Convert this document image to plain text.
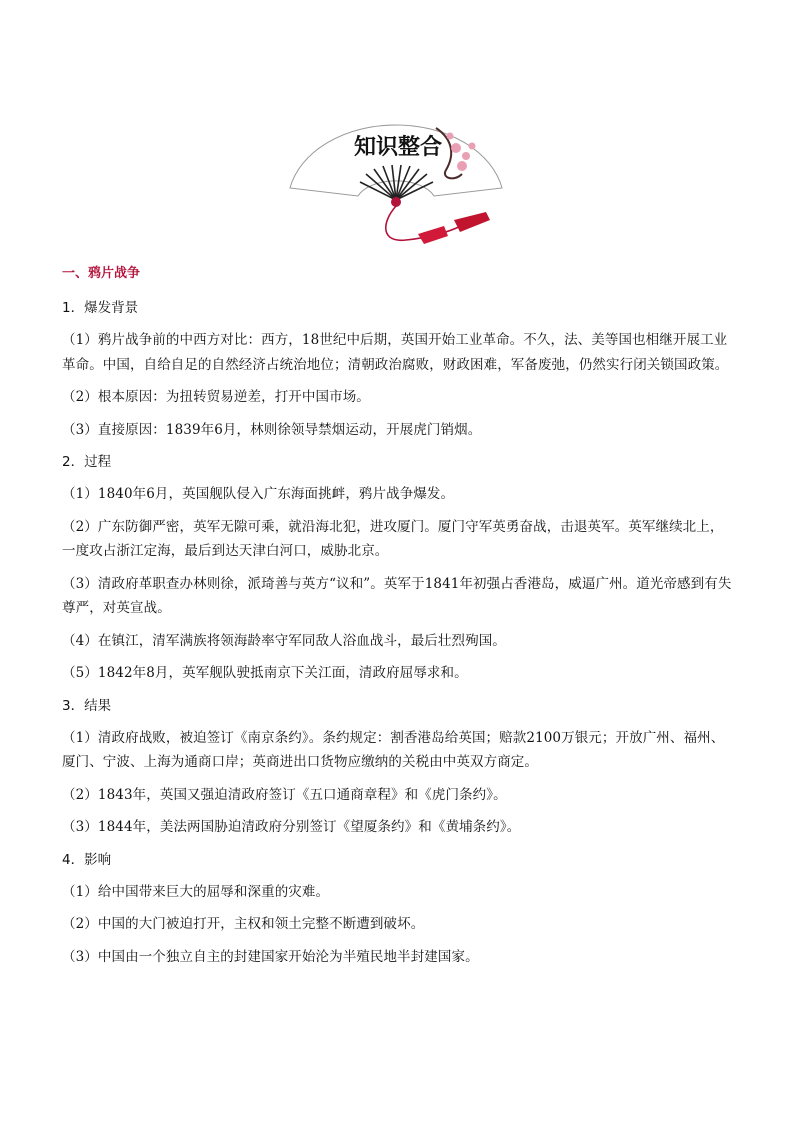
知识整合
一、鸦片战争
1．爆发背景
（1）鸦片战争前的中西方对比：西方，18世纪中后期，英国开始工业革命。不久，法、美等国也相继开展工业革命。中国，自给自足的自然经济占统治地位；清朝政治腐败，财政困难，军备废弛，仍然实行闭关锁国政策。
（2）根本原因：为扭转贸易逆差，打开中国市场。
（3）直接原因：1839年6月，林则徐领导禁烟运动，开展虎门销烟。
2．过程
（1）1840年6月，英国舰队侵入广东海面挑衅，鸦片战争爆发。
（2）广东防御严密，英军无隙可乘，就沿海北犯，进攻厦门。厦门守军英勇奋战，击退英军。英军继续北上，一度攻占浙江定海，最后到达天津白河口，威胁北京。
（3）清政府革职查办林则徐，派琦善与英方“议和”。英军于1841年初强占香港岛，威逼广州。道光帝感到有失尊严，对英宣战。
（4）在镇江，清军满族将领海龄率守军同敌人浴血战斗，最后壮烈殉国。
（5）1842年8月，英军舰队驶抵南京下关江面，清政府屈辱求和。
3．结果
（1）清政府战败，被迫签订《南京条约》。条约规定：割香港岛给英国；赔款2100万银元；开放广州、福州、厦门、宁波、上海为通商口岸；英商进出口货物应缴纳的关税由中英双方商定。
（2）1843年，英国又强迫清政府签订《五口通商章程》和《虎门条约》。
（3）1844年，美法两国胁迫清政府分别签订《望厦条约》和《黄埔条约》。
4．影响
（1）给中国带来巨大的屈辱和深重的灾难。
（2）中国的大门被迫打开，主权和领土完整不断遭到破坏。
（3）中国由一个独立自主的封建国家开始沦为半殖民地半封建国家。
